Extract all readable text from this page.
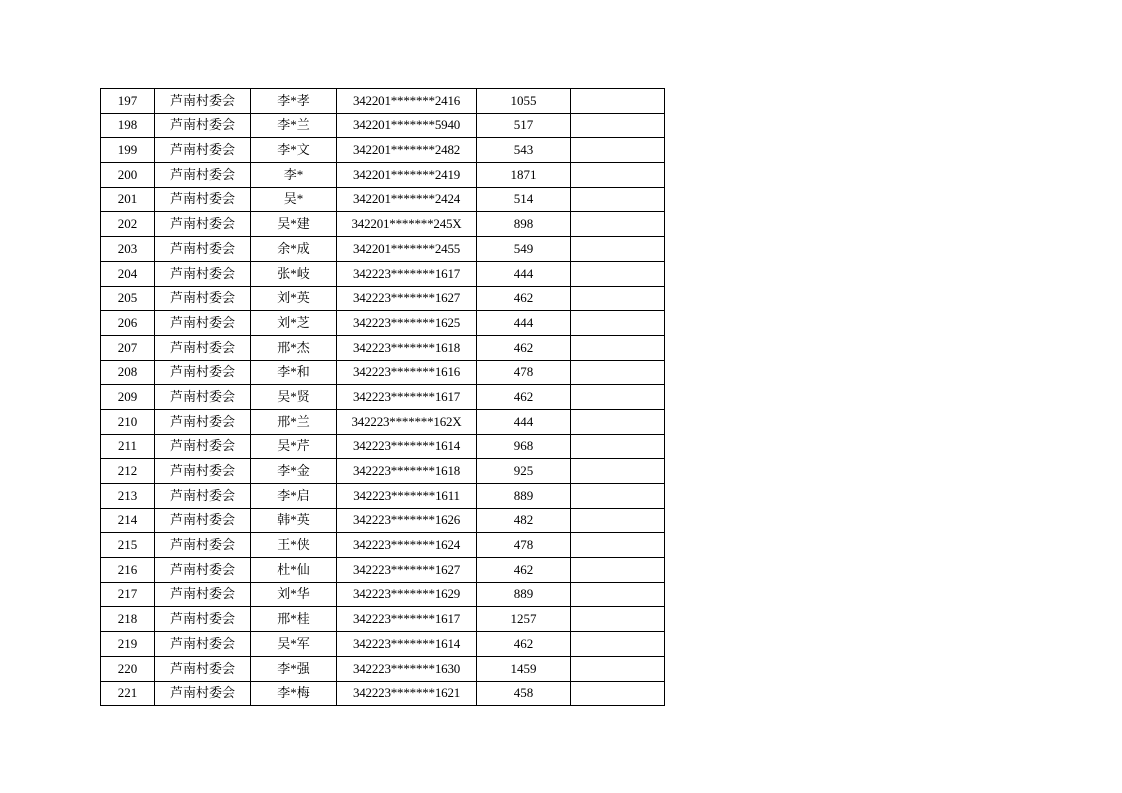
197	芦南村委会	李*孝	342201*******2416	1055	
198	芦南村委会	李*兰	342201*******5940	517	
199	芦南村委会	李*文	342201*******2482	543	
200	芦南村委会	李*	342201*******2419	1871	
201	芦南村委会	吴*	342201*******2424	514	
202	芦南村委会	吴*建	342201*******245X	898	
203	芦南村委会	余*成	342201*******2455	549	
204	芦南村委会	张*岐	342223*******1617	444	
205	芦南村委会	刘*英	342223*******1627	462	
206	芦南村委会	刘*芝	342223*******1625	444	
207	芦南村委会	邢*杰	342223*******1618	462	
208	芦南村委会	李*和	342223*******1616	478	
209	芦南村委会	吴*贤	342223*******1617	462	
210	芦南村委会	邢*兰	342223*******162X	444	
211	芦南村委会	吴*芹	342223*******1614	968	
212	芦南村委会	李*金	342223*******1618	925	
213	芦南村委会	李*启	342223*******1611	889	
214	芦南村委会	韩*英	342223*******1626	482	
215	芦南村委会	王*侠	342223*******1624	478	
216	芦南村委会	杜*仙	342223*******1627	462	
217	芦南村委会	刘*华	342223*******1629	889	
218	芦南村委会	邢*桂	342223*******1617	1257	
219	芦南村委会	吴*军	342223*******1614	462	
220	芦南村委会	李*强	342223*******1630	1459	
221	芦南村委会	李*梅	342223*******1621	458	
